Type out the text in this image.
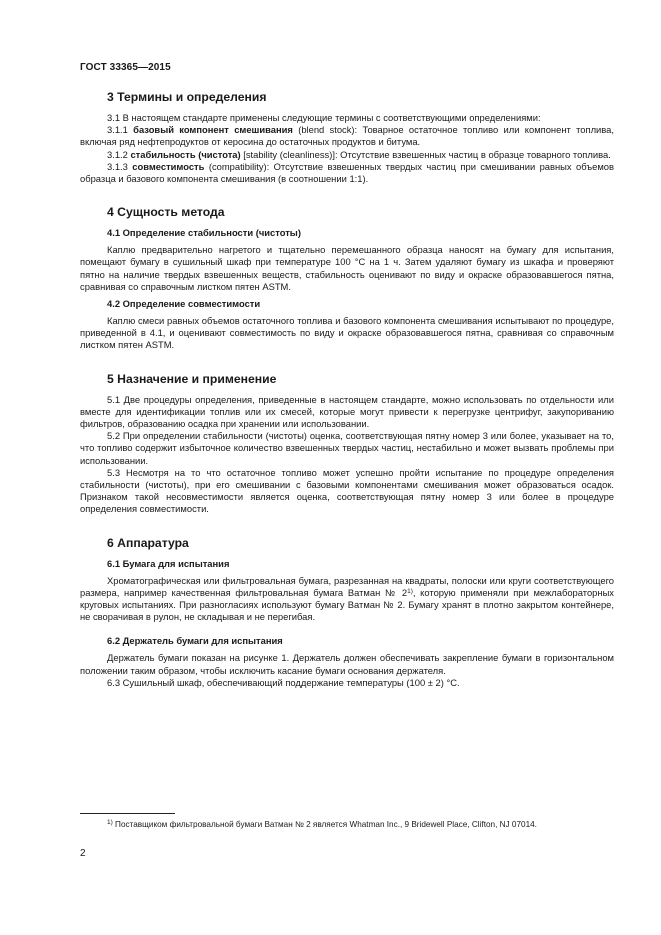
ГОСТ 33365—2015
3 Термины и определения

3.1 В настоящем стандарте применены следующие термины с соответствующими определениями:

3.1.1 базовый компонент смешивания (blend stock): Товарное остаточное топливо или компонент топлива, включая ряд нефтепродуктов от керосина до остаточных продуктов и битума.

3.1.2 стабильность (чистота) [stability (cleanliness)]: Отсутствие взвешенных частиц в образце товарного топлива.

3.1.3 совместимость (compatibility): Отсутствие взвешенных твердых частиц при смешивании равных объемов образца и базового компонента смешивания (в соотношении 1:1).

4 Сущность метода
4.1 Определение стабильности (чистоты)

Каплю предварительно нагретого и тщательно перемешанного образца наносят на бумагу для испытания, помещают бумагу в сушильный шкаф при температуре 100 °С на 1 ч. Затем удаляют бумагу из шкафа и проверяют пятно на наличие твердых взвешенных веществ, стабильность оценивают по виду и окраске образовавшегося пятна, сравнивая со справочным листком пятен ASTM.

4.2 Определение совместимости

Каплю смеси равных объемов остаточного топлива и базового компонента смешивания испытывают по процедуре, приведенной в 4.1, и оценивают совместимость по виду и окраске образовавшегося пятна, сравнивая со справочным листком пятен ASTM.

5 Назначение и применение

5.1 Две процедуры определения, приведенные в настоящем стандарте, можно использовать по отдельности или вместе для идентификации топлив или их смесей, которые могут привести к перегрузке центрифуг, закупориванию фильтров, образованию осадка при хранении или использовании.

5.2 При определении стабильности (чистоты) оценка, соответствующая пятну номер 3 или более, указывает на то, что топливо содержит избыточное количество взвешенных твердых частиц, нестабильно и может вызвать проблемы при использовании.

5.3 Несмотря на то что остаточное топливо может успешно пройти испытание по процедуре определения стабильности (чистоты), при его смешивании с базовыми компонентами смешивания может образоваться осадок. Признаком такой несовместимости является оценка, соответствующая пятну номер 3 или более в процедуре определения совместимости.

6 Аппаратура
6.1 Бумага для испытания

Хроматографическая или фильтровальная бумага, разрезанная на квадраты, полоски или круги соответствующего размера, например качественная фильтровальная бумага Ватман № 2$^{1)}$, которую применяли при межлабораторных круговых испытаниях. При разногласиях используют бумагу Ватман № 2. Бумагу хранят в плотно закрытом контейнере, не сворачивая в рулон, не складывая и не перегибая.

6.2 Держатель бумаги для испытания

Держатель бумаги показан на рисунке 1. Держатель должен обеспечивать закрепление бумаги в горизонтальном положении таким образом, чтобы исключить касание бумаги основания держателя.

6.3 Сушильный шкаф, обеспечивающий поддержание температуры (100 ± 2) °С.

$^{1)}$ Поставщиком фильтровальной бумаги Ватман № 2 является Whatman Inc., 9 Bridewell Place, Clifton, NJ 07014.
2
